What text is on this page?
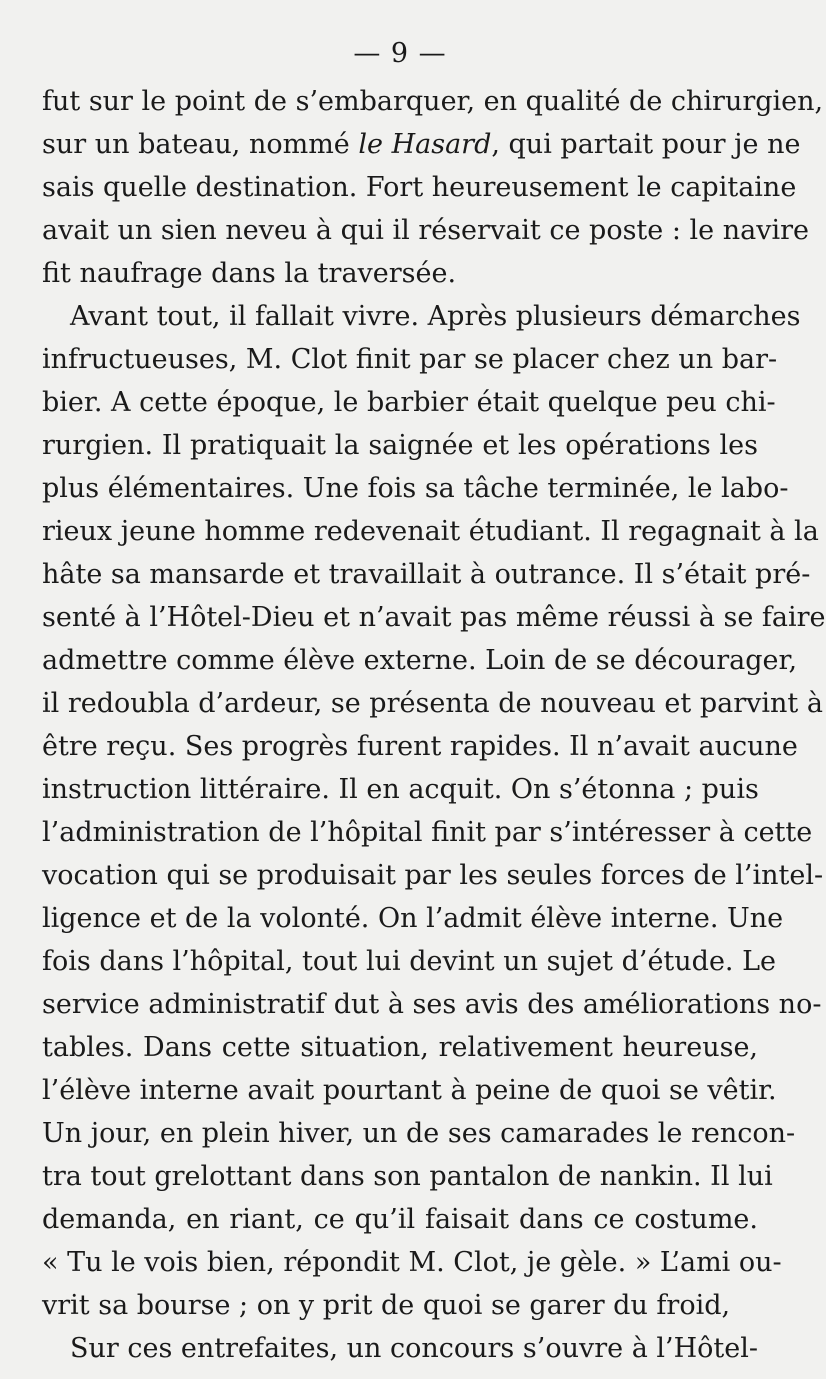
— 9 —
fut sur le point de s’embarquer, en qualité de chirurgien,
sur un bateau, nommé le Hasard, qui partait pour je ne
sais quelle destination. Fort heureusement le capitaine
avait un sien neveu à qui il réservait ce poste : le navire
fit naufrage dans la traversée.
Avant tout, il fallait vivre. Après plusieurs démarches
infructueuses, M. Clot finit par se placer chez un bar-
bier. A cette époque, le barbier était quelque peu chi-
rurgien. Il pratiquait la saignée et les opérations les
plus élémentaires. Une fois sa tâche terminée, le labo-
rieux jeune homme redevenait étudiant. Il regagnait à la
hâte sa mansarde et travaillait à outrance. Il s’était pré-
senté à l’Hôtel-Dieu et n’avait pas même réussi à se faire
admettre comme élève externe. Loin de se décourager,
il redoubla d’ardeur, se présenta de nouveau et parvint à
être reçu. Ses progrès furent rapides. Il n’avait aucune
instruction littéraire. Il en acquit. On s’étonna ; puis
l’administration de l’hôpital finit par s’intéresser à cette
vocation qui se produisait par les seules forces de l’intel-
ligence et de la volonté. On l’admit élève interne. Une
fois dans l’hôpital, tout lui devint un sujet d’étude. Le
service administratif dut à ses avis des améliorations no-
tables. Dans cette situation, relativement heureuse,
l’élève interne avait pourtant à peine de quoi se vêtir.
Un jour, en plein hiver, un de ses camarades le rencon-
tra tout grelottant dans son pantalon de nankin. Il lui
demanda, en riant, ce qu’il faisait dans ce costume.
« Tu le vois bien, répondit M. Clot, je gèle. » L’ami ou-
vrit sa bourse ; on y prit de quoi se garer du froid,
Sur ces entrefaites, un concours s’ouvre à l’Hôtel-
